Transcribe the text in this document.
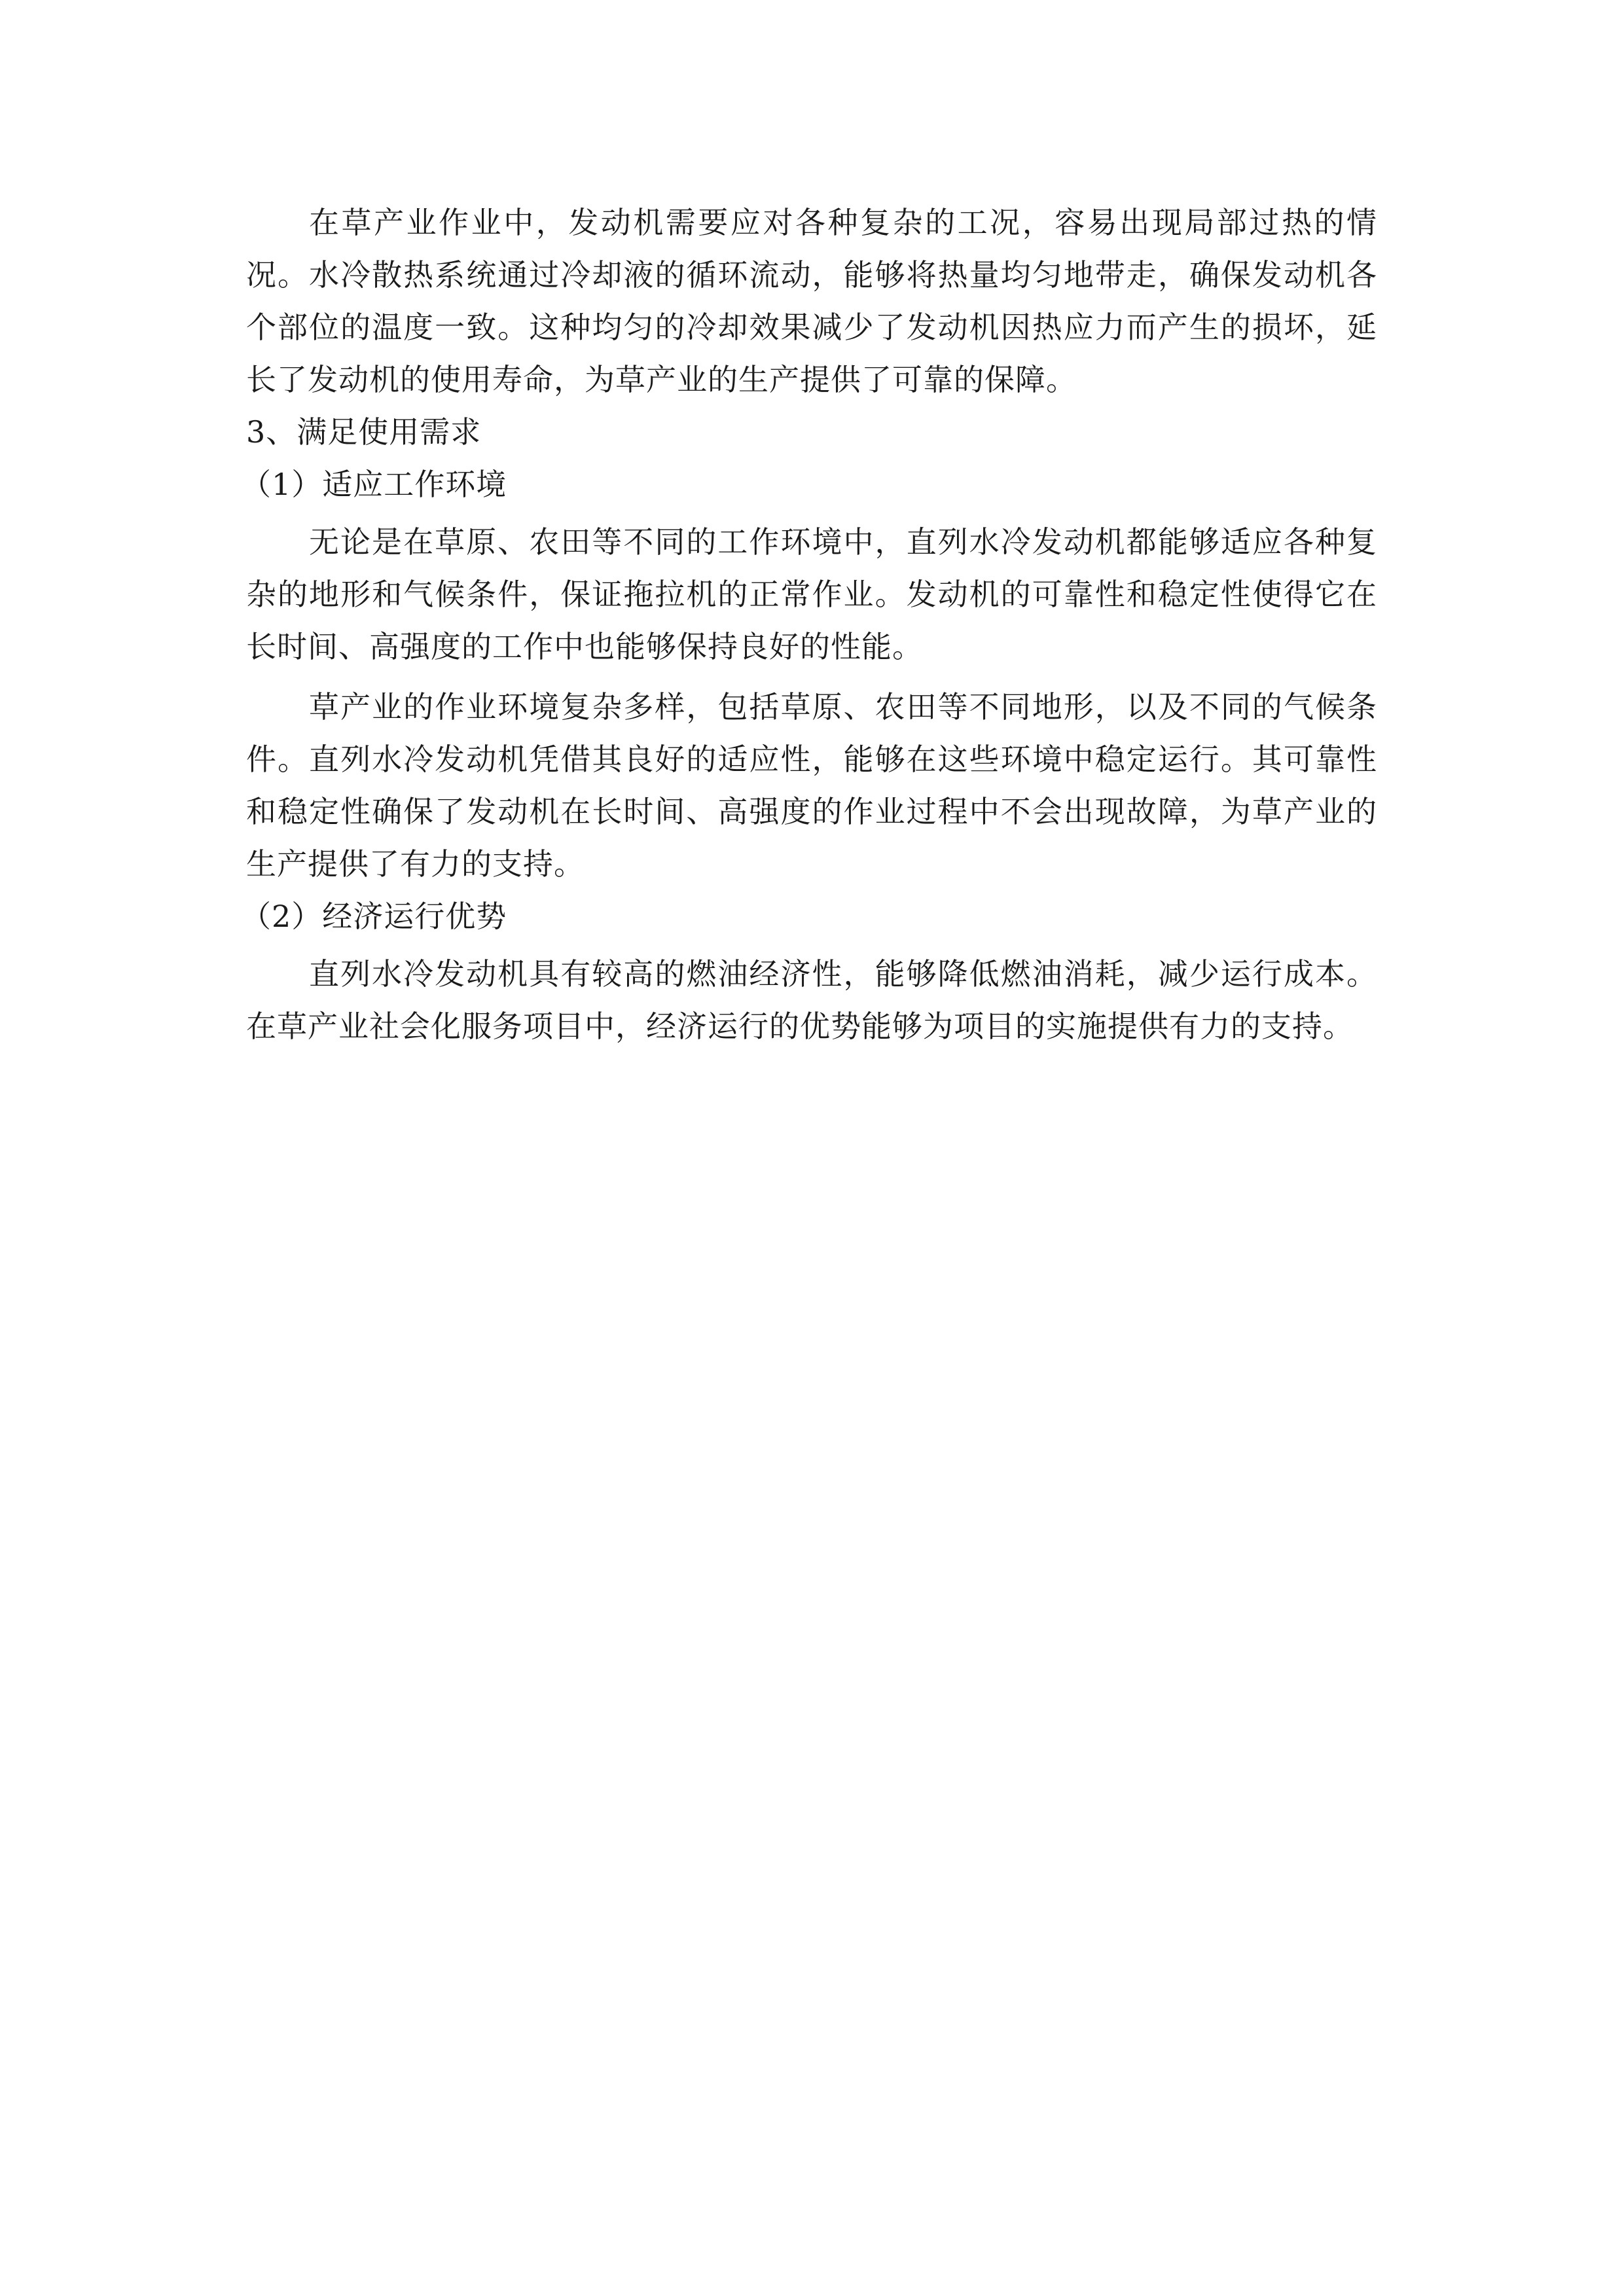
在草产业作业中，发动机需要应对各种复杂的工况，容易出现局部过热的情况。水冷散热系统通过冷却液的循环流动，能够将热量均匀地带走，确保发动机各个部位的温度一致。这种均匀的冷却效果减少了发动机因热应力而产生的损坏，延长了发动机的使用寿命，为草产业的生产提供了可靠的保障。

3、满足使用需求

（1）适应工作环境

无论是在草原、农田等不同的工作环境中，直列水冷发动机都能够适应各种复杂的地形和气候条件，保证拖拉机的正常作业。发动机的可靠性和稳定性使得它在长时间、高强度的工作中也能够保持良好的性能。

草产业的作业环境复杂多样，包括草原、农田等不同地形，以及不同的气候条件。直列水冷发动机凭借其良好的适应性，能够在这些环境中稳定运行。其可靠性和稳定性确保了发动机在长时间、高强度的作业过程中不会出现故障，为草产业的生产提供了有力的支持。

（2）经济运行优势

直列水冷发动机具有较高的燃油经济性，能够降低燃油消耗，减少运行成本。在草产业社会化服务项目中，经济运行的优势能够为项目的实施提供有力的支持。
